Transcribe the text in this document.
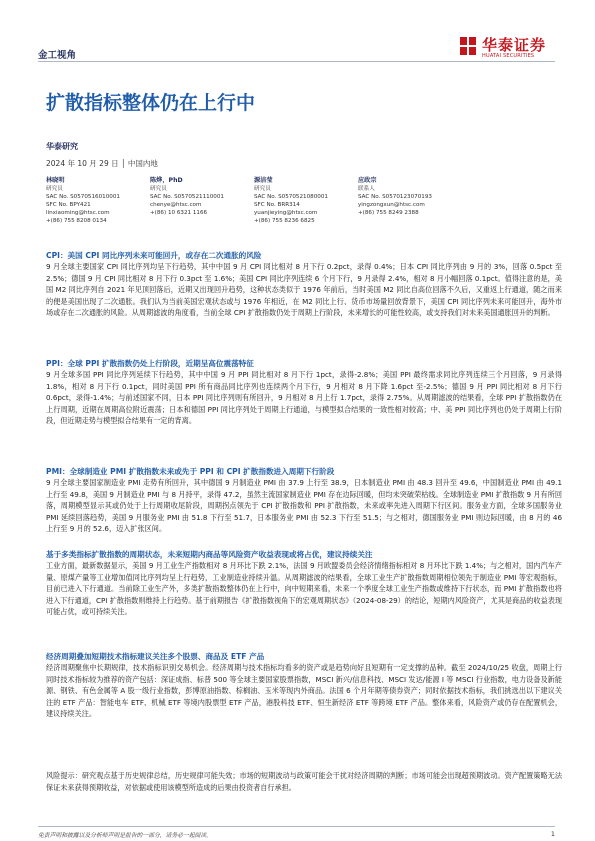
金工视角
华泰证券
HUATAI SECURITIES
扩散指标整体仍在上行中
华泰研究
2024 年 10 月 29 日 │ 中国内地
林晓明
研究员
SAC No. S0570516010001
SFC No. BPY421
linxiaoming@htsc.com
+(86) 755 8208 0134
陈烨，PhD
研究员
SAC No. S0570521110001
chenye@htsc.com
+(86) 10 6321 1166
源洁莹
研究员
SAC No. S0570521080001
SFC No. BRR314
yuanjieying@htsc.com
+(86) 755 8236 6825
应政宗
联系人
SAC No. S0570123070193
yingzongxun@htsc.com
+(86) 755 8249 2388
CPI：美国 CPI 同比序列未来可能回升，或存在二次通胀的风险
9 月全球主要国家 CPI 同比序列均呈下行趋势，其中中国 9 月 CPI 同比相对 8 月下行 0.2pct，录得 0.4%；日本 CPI 同比序列由 9 月的 3%，回落 0.5pct 至 2.5%；德国 9 月 CPI 同比相对 8 月下行 0.3pct 至 1.6%；美国 CPI 同比序列连续 6 个月下行，9 月录得 2.4%，相对 8 月小幅回落 0.1pct。值得注意的是，美国 M2 同比序列自 2021 年见顶回落后，近期又出现回升趋势，这种状态类似于 1976 年前后，当时美国 M2 同比自高位回落不久后，又重返上行通道，随之而来的便是美国出现了二次通胀。我们认为当前美国宏观状态或与 1976 年相近，在 M2 同比上行、货币市场量回放背景下，美国 CPI 同比序列未来可能回升，海外市场或存在二次通胀的风险。从周期滤波的角度看，当前全球 CPI 扩散指数仍处于周期上行阶段，未来增长的可能性较高，或支持我们对未来美国通胀回升的判断。
PPI：全球 PPI 扩散指数仍处上行阶段，近期呈高位震荡特征
9 月全球多国 PPI 同比序列延续下行趋势，其中中国 9 月 PPI 同比相对 8 月下行 1pct，录得-2.8%；美国 PPI 最终需求同比序列连续三个月回落，9 月录得 1.8%，相对 8 月下行 0.1pct，同时美国 PPI 所有商品同比序列也连续两个月下行，9 月相对 8 月下降 1.6pct 至-2.5%；德国 9 月 PPI 同比相对 8 月下行 0.6pct，录得-1.4%；与前述国家不同，日本 PPI 同比序列则有所回升，9 月相对 8 月上行 1.7pct，录得 2.75%。从周期滤波的结果看，全球 PPI 扩散指数仍在上行周期，近期在周期高位附近震荡；日本和德国 PPI 同比序列处于周期上行通道，与模型拟合结果的一致性相对较高；中、美 PPI 同比序列也仍处于周期上行阶段，但近期走势与模型拟合结果有一定的背离。
PMI：全球制造业 PMI 扩散指数未来或先于 PPI 和 CPI 扩散指数进入周期下行阶段
9 月全球主要国家制造业 PMI 走势有所回升，其中德国 9 月制造业 PMI 由 37.9 上行至 38.9，日本制造业 PMI 由 48.3 回升至 49.6，中国制造业 PMI 由 49.1 上行至 49.8，美国 9 月制造业 PMI 与 8 月持平，录得 47.2，虽然主流国家制造业 PMI 存在边际回暖，但均未突破荣枯线。全球制造业 PMI 扩散指数 9 月有所回落，周期模型显示其或仍处于上行周期收尾阶段，周期拐点领先于 CPI 扩散指数和 PPI 扩散指数，未来或率先进入周期下行区间。服务业方面，全球多国服务业 PMI 延续回落趋势，美国 9 月服务业 PMI 由 51.8 下行至 51.7，日本服务业 PMI 由 52.3 下行至 51.5；与之相对，德国服务业 PMI 则边际回暖，由 8 月的 46 上行至 9 月的 52.6，迈入扩张区间。
基于多类指标扩散指数的周期状态，未来短期内商品等风险资产收益表现或将占优，建议持续关注
工业方面，最新数据显示，美国 9 月工业生产指数相对 8 月环比下跌 2.1%，法国 9 月欧盟委员会经济情绪指标相对 8 月环比下跌 1.4%；与之相对，国内汽车产量、原煤产量等工业增加值同比序列均呈上行趋势，工业制造业持续升温。从周期滤波的结果看，全球工业生产扩散指数周期相位领先于制造业 PMI 等宏观指标，目前已进入下行通道。当前除工业生产外，多类扩散指数整体仍在上行中，向中短期来看，未来一个季度全球工业生产指数或维持下行状态，而 PMI 扩散指数也将进入下行通道，CPI 扩散指数则维持上行趋势。基于前期报告《扩散指数视角下的宏观周期状态》（2024-08-29）的结论，短期内风险资产，尤其是商品的收益表现可能占优，或可持续关注。
经济周期叠加短期技术指标建议关注多个股票、商品及 ETF 产品
经济周期聚焦中长期规律，技术指标识别交易机会。经济周期与技术指标均看多的资产或是趋势向好且短期有一定支撑的品种。截至 2024/10/25 收盘，周期上行同时技术指标较为推荐的资产包括：深证成指、标普 500 等全球主要国家股票指数，MSCI 新兴/信息科技、MSCI 发达/能源 I 等 MSCI 行业指数，电力设备及新能源、钢铁、有色金属等 A 股一级行业指数，彭博原油指数、棕榈油、玉米等现内外商品。法国 6 个月年期等债券资产；同时依据技术指标，我们挑选出以下建议关注的 ETF 产品：智能电车 ETF、机械 ETF 等境内股票型 ETF 产品，港股科技 ETF、恒生新经济 ETF 等跨境 ETF 产品。整体来看，风险资产或仍存在配置机会，建议持续关注。
风险提示：研究观点基于历史规律总结，历史规律可能失效；市场的短期波动与政策可能会干扰对经济周期的判断；市场可能会出现超预期波动。资产配置策略无法保证未来获得预期收益，对依据或使用该模型所造成的后果由投资者自行承担。
免责声明和披露以及分析师声明是报告的一部分，请务必一起阅读。	1
